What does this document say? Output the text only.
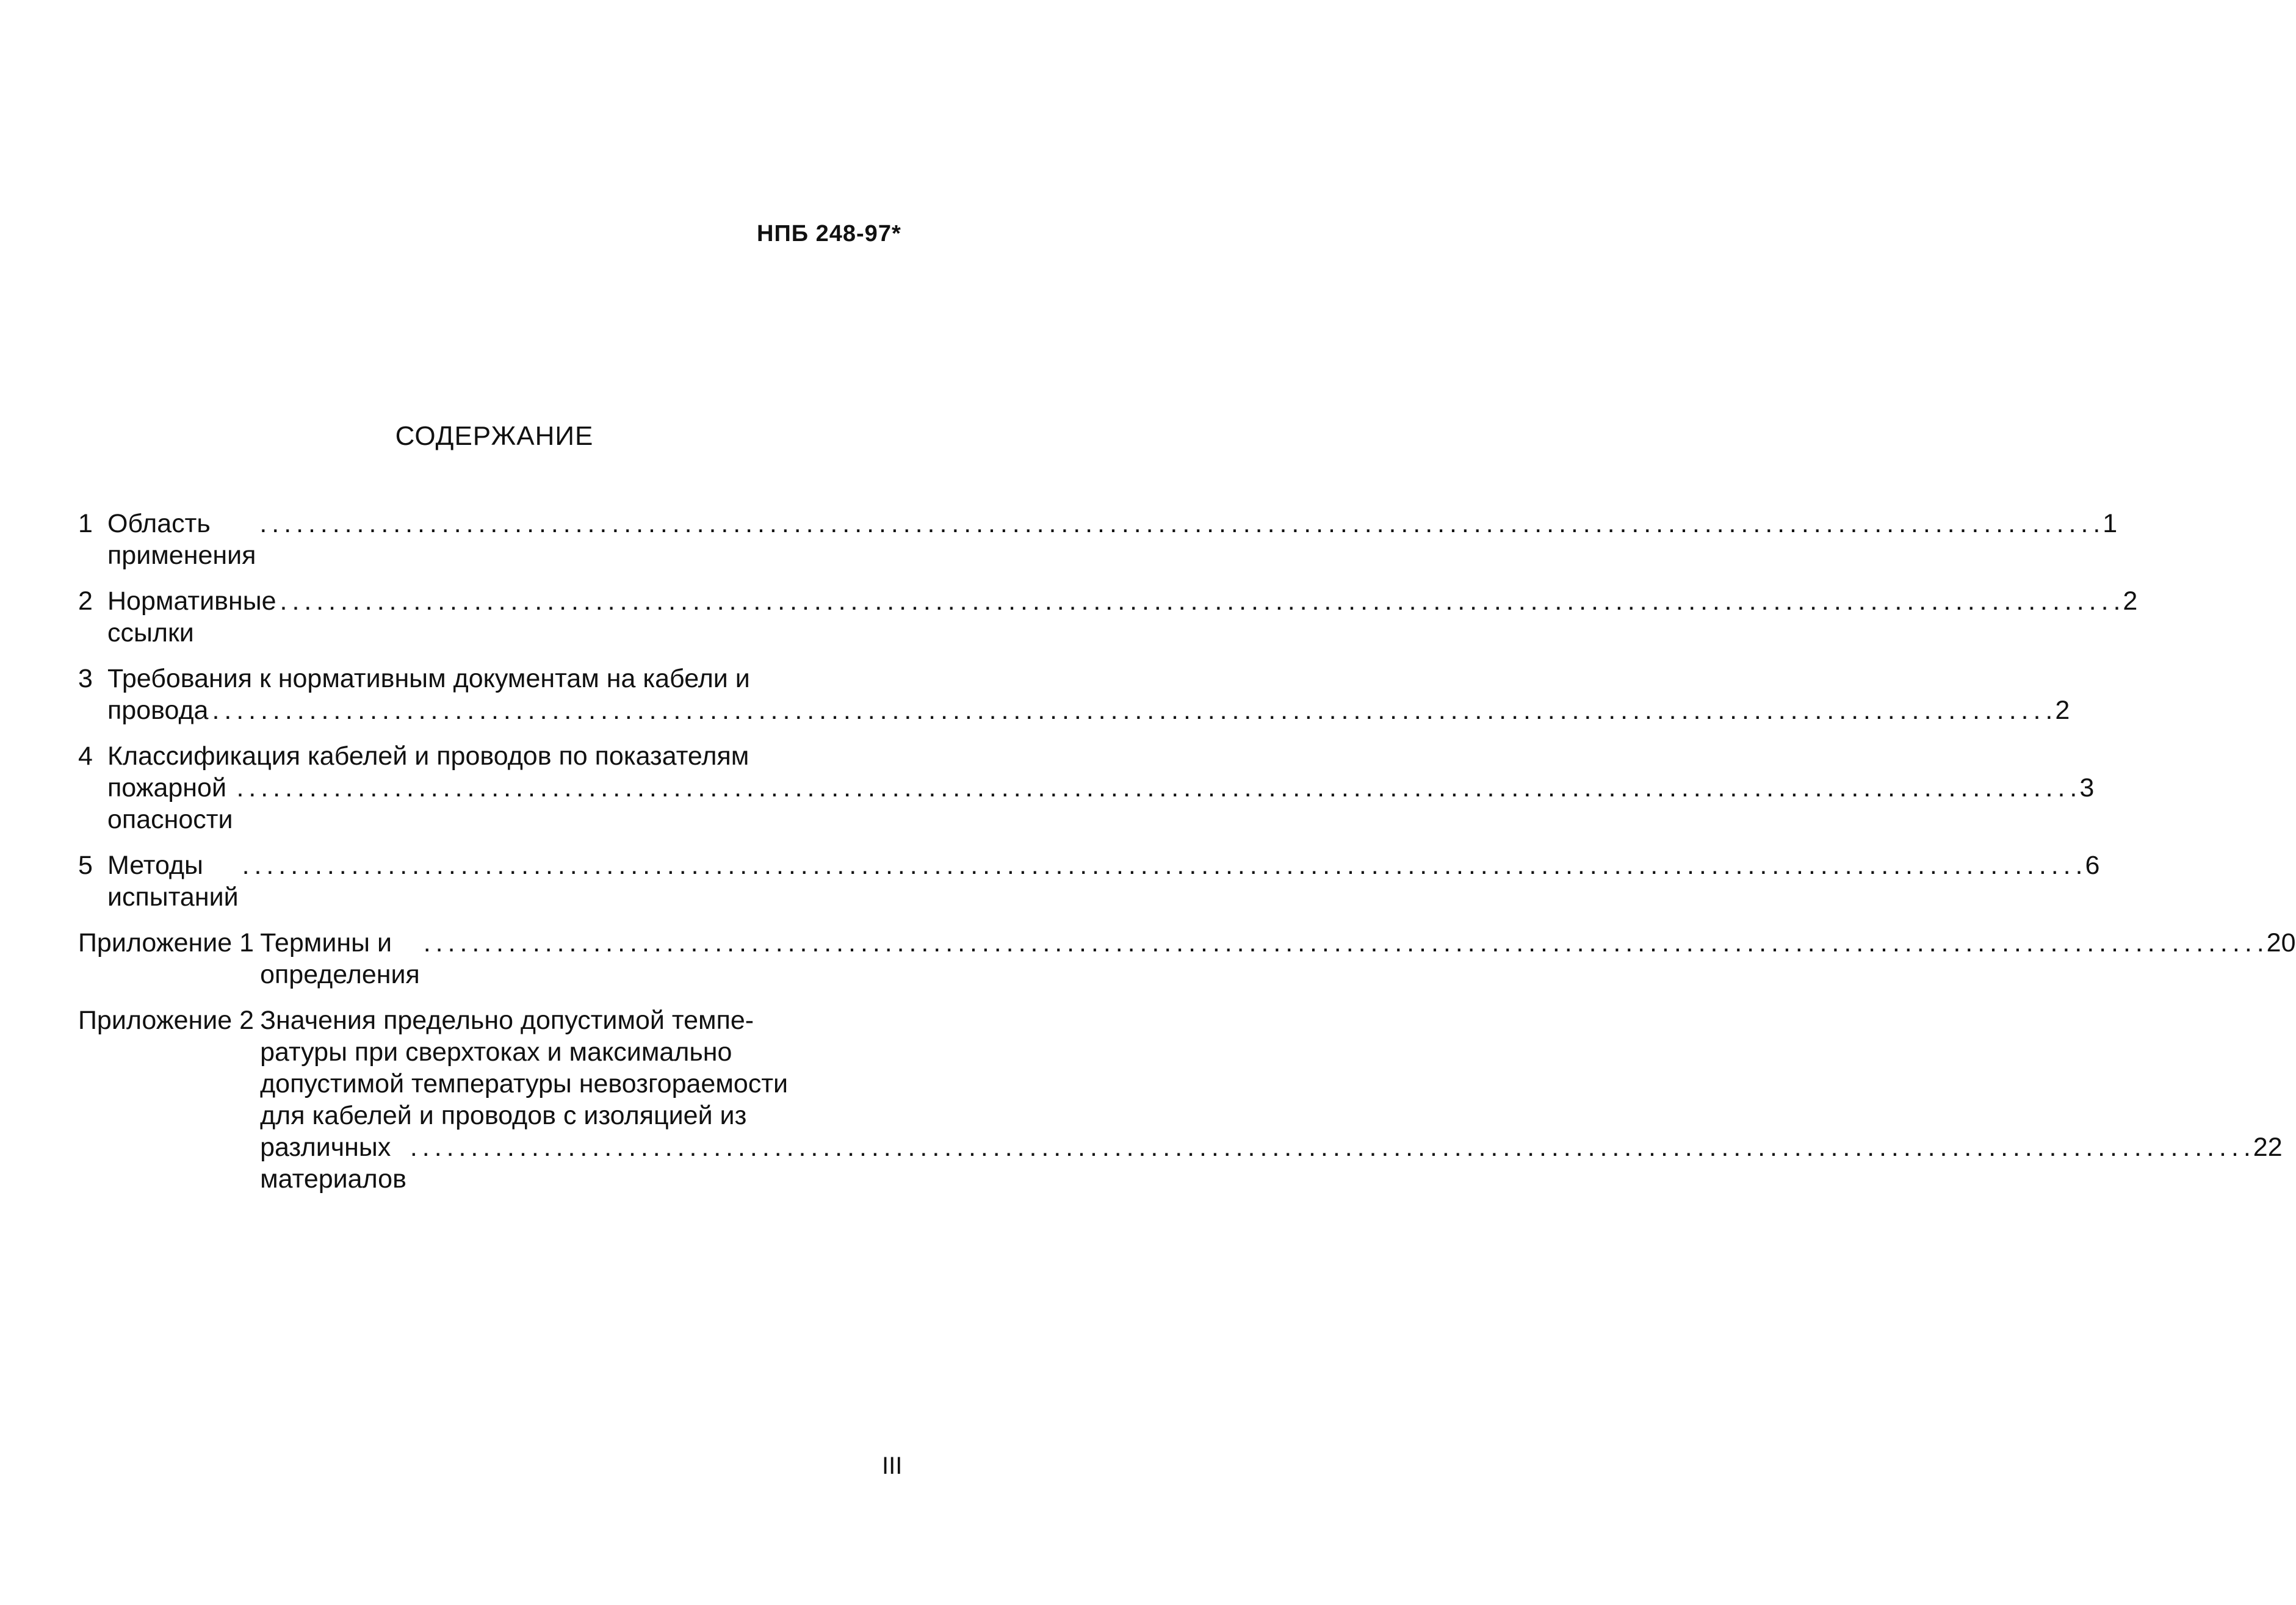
НПБ 248-97*
СОДЕРЖАНИЕ
1 Область применения
. . .
1
2 Нормативные ссылки
. . .
2
3 Требования к нормативным документам на кабели и
провода
. . .	2
4 Классификация кабелей и проводов по показателям
пожарной опасности
. . .
3
5 Методы испытаний
. . .
6
Приложение 1 Термины и определения
. . .
20
Приложение 2 Значения предельно допустимой темпе-
ратуры при сверхтоках и максимально
допустимой температуры невозгораемости
для кабелей и проводов с изоляцией из
различных материалов
. . .
22
III
